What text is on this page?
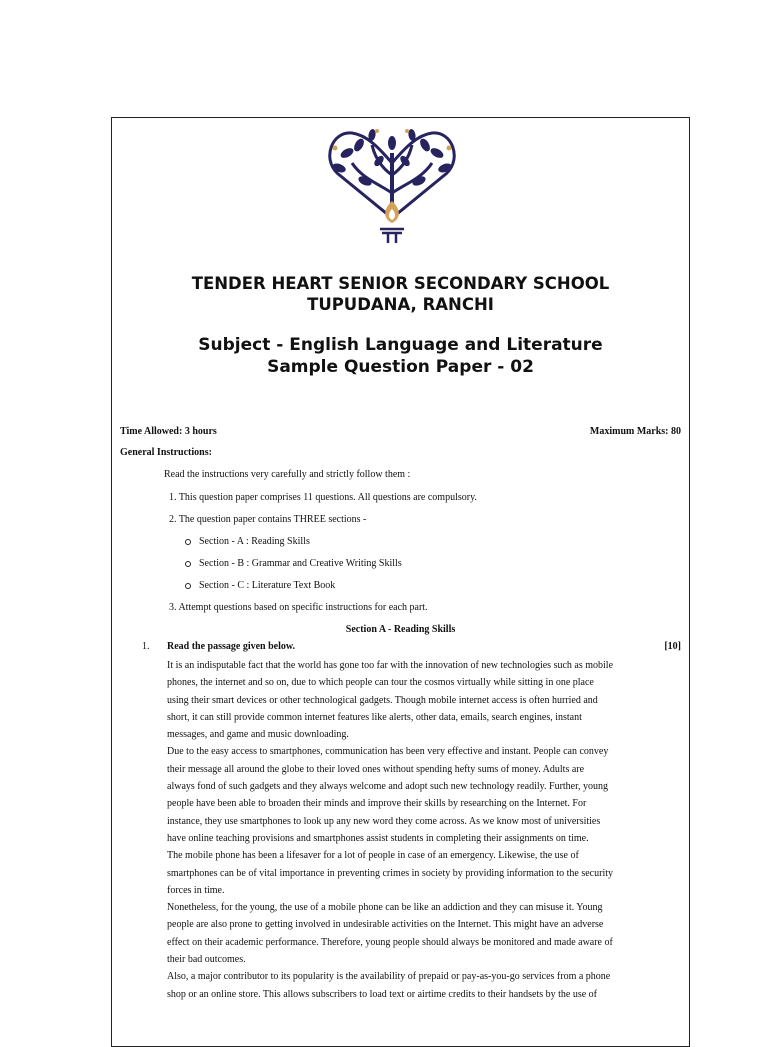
TENDER HEART SENIOR SECONDARY SCHOOL
TUPUDANA, RANCHI
Subject - English Language and Literature
Sample Question Paper - 02
Time Allowed: 3 hours	Maximum Marks: 80
General Instructions:
Read the instructions very carefully and strictly follow them :
1. This question paper comprises 11 questions. All questions are compulsory.
2. The question paper contains THREE sections -
Section - A : Reading Skills
Section - B : Grammar and Creative Writing Skills
Section - C : Literature Text Book
3. Attempt questions based on specific instructions for each part.
Section A - Reading Skills
1. Read the passage given below.	[10]
It is an indisputable fact that the world has gone too far with the innovation of new technologies such as mobile
phones, the internet and so on, due to which people can tour the cosmos virtually while sitting in one place
using their smart devices or other technological gadgets. Though mobile internet access is often hurried and
short, it can still provide common internet features like alerts, other data, emails, search engines, instant
messages, and game and music downloading.
Due to the easy access to smartphones, communication has been very effective and instant. People can convey
their message all around the globe to their loved ones without spending hefty sums of money. Adults are
always fond of such gadgets and they always welcome and adopt such new technology readily. Further, young
people have been able to broaden their minds and improve their skills by researching on the Internet. For
instance, they use smartphones to look up any new word they come across. As we know most of universities
have online teaching provisions and smartphones assist students in completing their assignments on time.
The mobile phone has been a lifesaver for a lot of people in case of an emergency. Likewise, the use of
smartphones can be of vital importance in preventing crimes in society by providing information to the security
forces in time.
Nonetheless, for the young, the use of a mobile phone can be like an addiction and they can misuse it. Young
people are also prone to getting involved in undesirable activities on the Internet. This might have an adverse
effect on their academic performance. Therefore, young people should always be monitored and made aware of
their bad outcomes.
Also, a major contributor to its popularity is the availability of prepaid or pay-as-you-go services from a phone
shop or an online store. This allows subscribers to load text or airtime credits to their handsets by the use of
